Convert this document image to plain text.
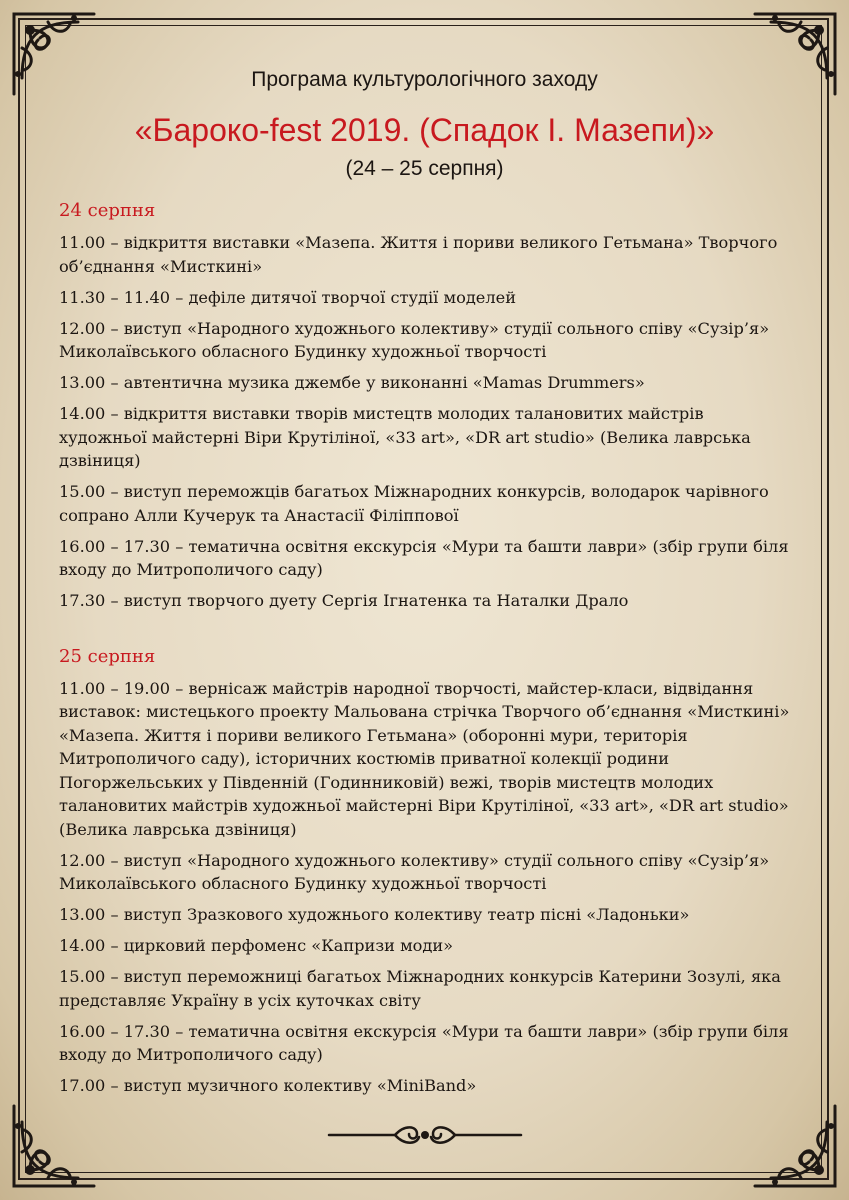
Програма культурологічного заходу
«Бароко-fest 2019. (Спадок І. Мазепи)»
(24 – 25 серпня)
24 серпня

11.00 – відкриття виставки «Мазепа. Життя і пориви великого Гетьмана» Творчого об’єднання «Мисткині»

11.30 – 11.40 – дефіле дитячої творчої студії моделей

12.00 – виступ «Народного художнього колективу» студії сольного співу «Сузір’я» Миколаївського обласного Будинку художньої творчості

13.00 – автентична музика джембе у виконанні «Mamas Drummers»

14.00 – відкриття виставки творів мистецтв молодих талановитих майстрів художньої майстерні Віри Крутіліної, «33 art», «DR art studio» (Велика лаврська дзвіниця)

15.00 – виступ переможців багатьох Міжнародних конкурсів, володарок чарівного сопрано Алли Кучерук та Анастасії Філіппової

16.00 – 17.30 – тематична освітня екскурсія «Мури та башти лаври» (збір групи біля входу до Митрополичого саду)

17.30 – виступ творчого дуету Сергія Ігнатенка та Наталки Драло

25 серпня

11.00 – 19.00 – вернісаж майстрів народної творчості, майстер-класи, відвідання виставок: мистецького проекту Мальована стрічка Творчого об’єднання «Мисткині» «Мазепа. Життя і пориви великого Гетьмана» (оборонні мури, територія Митрополичого саду), історичних костюмів приватної колекції родини Погоржельських у Південній (Годинниковій) вежі, творів мистецтв молодих талановитих майстрів художньої майстерні Віри Крутіліної, «33 art», «DR art studio» (Велика лаврська дзвіниця)

12.00 – виступ «Народного художнього колективу» студії сольного співу «Сузір’я» Миколаївського обласного Будинку художньої творчості

13.00 – виступ Зразкового художнього колективу театр пісні «Ладоньки»

14.00 – цирковий перфоменс «Капризи моди»

15.00 – виступ переможниці багатьох Міжнародних конкурсів Катерини Зозулі, яка представляє Україну в усіх куточках світу

16.00 – 17.30 – тематична освітня екскурсія «Мури та башти лаври» (збір групи біля входу до Митрополичого саду)

17.00 – виступ музичного колективу «MiniBand»
